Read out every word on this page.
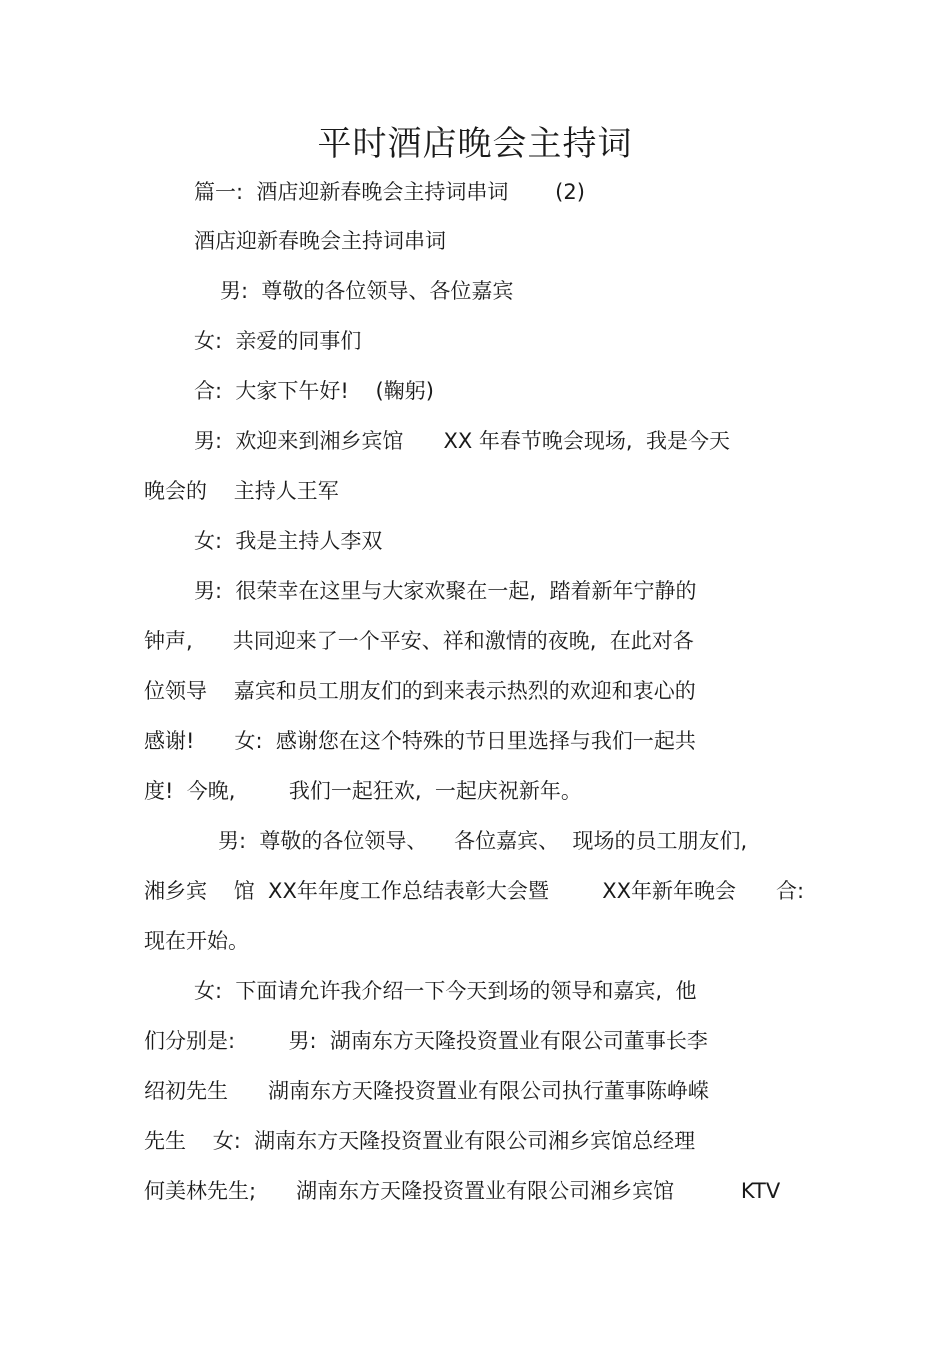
平时酒店晚会主持词
篇一:  酒店迎新春晚会主持词串词       (2)
酒店迎新春晚会主持词串词
男:  尊敬的各位领导、各位嘉宾
女:  亲爱的同事们
合:  大家下午好!    (鞠躬)
男:  欢迎来到湘乡宾馆      XX 年春节晚会现场,  我是今天
晚会的    主持人王军
女:  我是主持人李双
男:  很荣幸在这里与大家欢聚在一起,  踏着新年宁静的
钟声,      共同迎来了一个平安、祥和激情的夜晚,  在此对各
位领导    嘉宾和员工朋友们的到来表示热烈的欢迎和衷心的
感谢!      女:  感谢您在这个特殊的节日里选择与我们一起共
度!  今晚,        我们一起狂欢,  一起庆祝新年。
男:  尊敬的各位领导、    各位嘉宾、  现场的员工朋友们,
湘乡宾    馆  XX年年度工作总结表彰大会暨        XX年新年晚会      合:
现在开始。
女:  下面请允许我介绍一下今天到场的领导和嘉宾,  他
们分别是:        男:  湖南东方天隆投资置业有限公司董事长李
绍初先生      湖南东方天隆投资置业有限公司执行董事陈峥嵘
先生    女:  湖南东方天隆投资置业有限公司湘乡宾馆总经理
何美林先生;      湖南东方天隆投资置业有限公司湘乡宾馆          KTV
